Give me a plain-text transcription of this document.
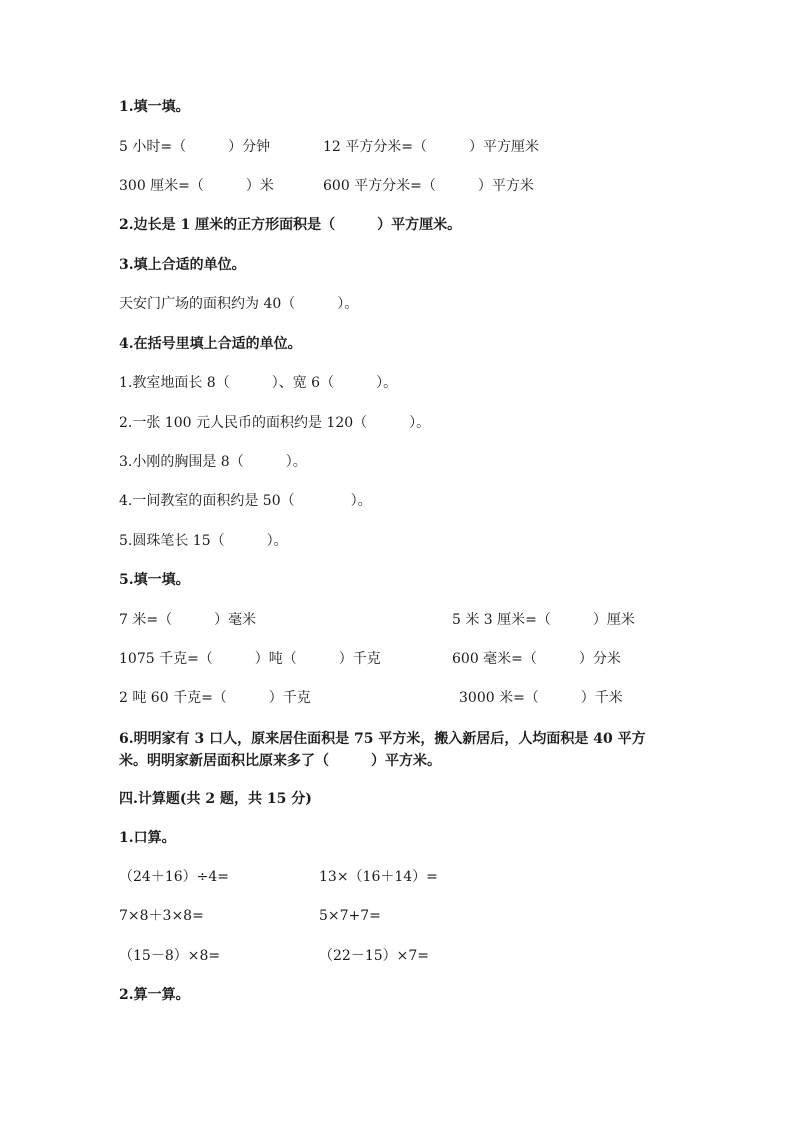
1.填一填。
5 小时=（　　　）分钟	12 平方分米=（　　　）平方厘米
300 厘米=（　　　）米	600 平方分米=（　　　）平方米
2.边长是 1 厘米的正方形面积是（　　　）平方厘米。
3.填上合适的单位。
天安门广场的面积约为 40（　　　）。
4.在括号里填上合适的单位。
1.教室地面长 8（　　　）、宽 6（　　　）。
2.一张 100 元人民币的面积约是 120（　　　）。
3.小刚的胸围是 8（　　　）。
4.一间教室的面积约是 50（　　　　）。
5.圆珠笔长 15（　　　）。
5.填一填。
7 米=（　　　）毫米	5 米 3 厘米=（　　　）厘米
1075 千克=（　　　）吨（　　　）千克	600 毫米=（　　　）分米
2 吨 60 千克=（　　　）千克	3000 米=（　　　）千米
6.明明家有 3 口人，原来居住面积是 75 平方米，搬入新居后，人均面积是 40 平方米。明明家新居面积比原来多了（　　　）平方米。
四.计算题(共 2 题，共 15 分)
1.口算。
（24＋16）÷4=	13×（16＋14）=
7×8＋3×8=	5×7+7=
（15－8）×8=	（22－15）×7=
2.算一算。
